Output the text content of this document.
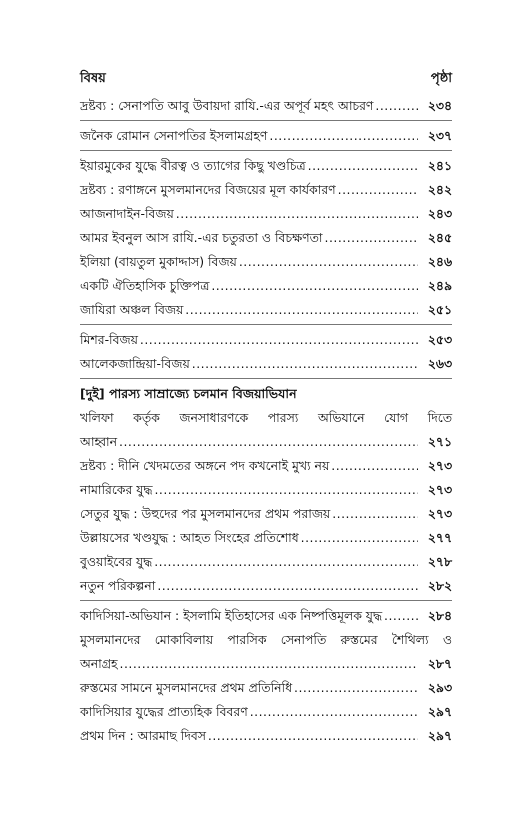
বিষয়	পৃষ্ঠা
দ্রষ্টব্য : সেনাপতি আবু উবায়দা রাযি.-এর অপূর্ব মহৎ আচরণ .....	২৩৪
জনৈক রোমান সেনাপতির ইসলামগ্রহণ .....	২৩৭
ইয়ারমুকের যুদ্ধে বীরত্ব ও ত্যাগের কিছু খণ্ডচিত্র .....	২৪১
দ্রষ্টব্য : রণাঙ্গনে মুসলমানদের বিজয়ের মূল কার্যকারণ .....	২৪২
আজনাদাইন-বিজয় .....	২৪৩
আমর ইবনুল আস রাযি.-এর চতুরতা ও বিচক্ষণতা .....	২৪৫
ইলিয়া (বায়তুল মুকাদ্দাস) বিজয় .....	২৪৬
একটি ঐতিহাসিক চুক্তিপত্র .....	২৪৯
জাযিরা অঞ্চল বিজয় .....	২৫১
মিশর-বিজয় .....	২৫৩
আলেকজান্দ্রিয়া-বিজয় .....	২৬৩
[দুই] পারস্য সাম্রাজ্যে চলমান বিজয়াভিযান
খলিফা কর্তৃক জনসাধারণকে পারস্য অভিযানে যোগ দিতে
আহ্বান .....	২৭১
দ্রষ্টব্য : দীনি খেদমতের অঙ্গনে পদ কখনোই মুখ্য নয় .....	২৭৩
নামারিকের যুদ্ধ .....	২৭৩
সেতুর যুদ্ধ : উহুদের পর মুসলমানদের প্রথম পরাজয় .....	২৭৩
উল্লায়সের খণ্ডযুদ্ধ : আহত সিংহের প্রতিশোধ .....	২৭৭
বুওয়াইবের যুদ্ধ .....	২৭৮
নতুন পরিকল্পনা .....	২৮২
কাদিসিয়া-অভিযান : ইসলামি ইতিহাসের এক নিষ্পত্তিমূলক যুদ্ধ .....	২৮৪
মুসলমানদের মোকাবিলায় পারসিক সেনাপতি রুস্তমের শৈথিল্য ও
অনাগ্রহ .....	২৮৭
রুস্তমের সামনে মুসলমানদের প্রথম প্রতিনিধি .....	২৯৩
কাদিসিয়ার যুদ্ধের প্রাত্যহিক বিবরণ .....	২৯৭
প্রথম দিন : আরমাছ দিবস .....	২৯৭
